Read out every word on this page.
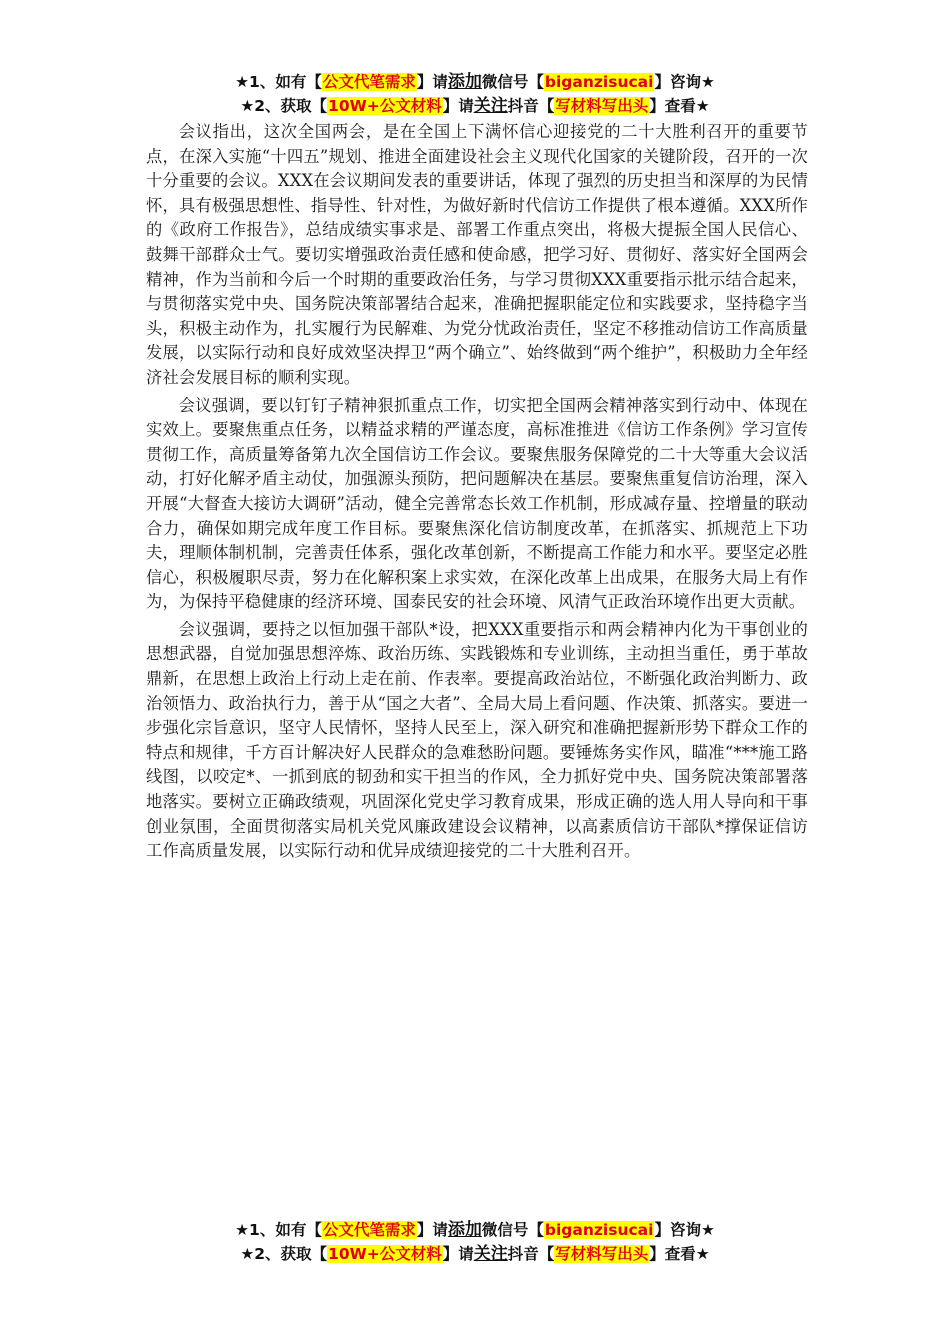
★1、如有【公文代笔需求】请添加微信号【biganzisucai】咨询★
★2、获取【10W+公文材料】请关注抖音【写材料写出头】查看★

会议指出，这次全国两会，是在全国上下满怀信心迎接党的二十大胜利召开的重要节点，在深入实施“十四五”规划、推进全面建设社会主义现代化国家的关键阶段，召开的一次十分重要的会议。XXX在会议期间发表的重要讲话，体现了强烈的历史担当和深厚的为民情怀，具有极强思想性、指导性、针对性，为做好新时代信访工作提供了根本遵循。XXX所作的《政府工作报告》，总结成绩实事求是、部署工作重点突出，将极大提振全国人民信心、鼓舞干部群众士气。要切实增强政治责任感和使命感，把学习好、贯彻好、落实好全国两会精神，作为当前和今后一个时期的重要政治任务，与学习贯彻XXX重要指示批示结合起来，与贯彻落实党中央、国务院决策部署结合起来，准确把握职能定位和实践要求，坚持稳字当头，积极主动作为，扎实履行为民解难、为党分忧政治责任，坚定不移推动信访工作高质量发展，以实际行动和良好成效坚决捍卫“两个确立”、始终做到“两个维护”，积极助力全年经济社会发展目标的顺利实现。

会议强调，要以钉钉子精神狠抓重点工作，切实把全国两会精神落实到行动中、体现在实效上。要聚焦重点任务，以精益求精的严谨态度，高标准推进《信访工作条例》学习宣传贯彻工作，高质量筹备第九次全国信访工作会议。要聚焦服务保障党的二十大等重大会议活动，打好化解矛盾主动仗，加强源头预防，把问题解决在基层。要聚焦重复信访治理，深入开展“大督查大接访大调研”活动，健全完善常态长效工作机制，形成减存量、控增量的联动合力，确保如期完成年度工作目标。要聚焦深化信访制度改革，在抓落实、抓规范上下功夫，理顺体制机制，完善责任体系，强化改革创新，不断提高工作能力和水平。要坚定必胜信心，积极履职尽责，努力在化解积案上求实效，在深化改革上出成果，在服务大局上有作为，为保持平稳健康的经济环境、国泰民安的社会环境、风清气正政治环境作出更大贡献。

会议强调，要持之以恒加强干部队*设，把XXX重要指示和两会精神内化为干事创业的思想武器，自觉加强思想淬炼、政治历练、实践锻炼和专业训练，主动担当重任，勇于革故鼎新，在思想上政治上行动上走在前、作表率。要提高政治站位，不断强化政治判断力、政治领悟力、政治执行力，善于从“国之大者”、全局大局上看问题、作决策、抓落实。要进一步强化宗旨意识，坚守人民情怀，坚持人民至上，深入研究和准确把握新形势下群众工作的特点和规律，千方百计解决好人民群众的急难愁盼问题。要锤炼务实作风，瞄准“***施工路线图，以咬定*、一抓到底的韧劲和实干担当的作风，全力抓好党中央、国务院决策部署落地落实。要树立正确政绩观，巩固深化党史学习教育成果，形成正确的选人用人导向和干事创业氛围，全面贯彻落实局机关党风廉政建设会议精神，以高素质信访干部队*撑保证信访工作高质量发展，以实际行动和优异成绩迎接党的二十大胜利召开。

★1、如有【公文代笔需求】请添加微信号【biganzisucai】咨询★
★2、获取【10W+公文材料】请关注抖音【写材料写出头】查看★
